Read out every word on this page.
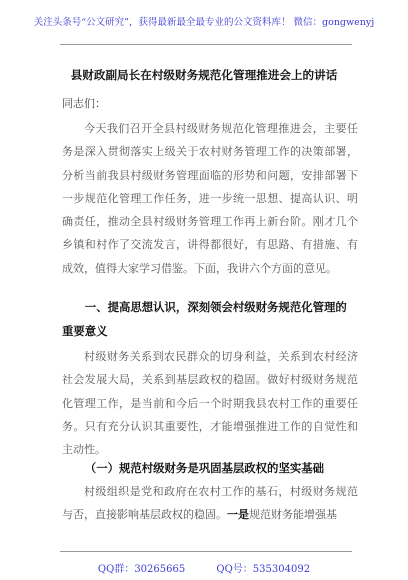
关注头条号“公文研究”，获得最新最全最专业的公文资料库！ 微信：gongwenyj
县财政副局长在村级财务规范化管理推进会上的讲话
同志们：

今天我们召开全县村级财务规范化管理推进会，主要任务是深入贯彻落实上级关于农村财务管理工作的决策部署，分析当前我县村级财务管理面临的形势和问题，安排部署下一步规范化管理工作任务，进一步统一思想、提高认识、明确责任，推动全县村级财务管理工作再上新台阶。刚才几个乡镇和村作了交流发言，讲得都很好，有思路、有措施、有成效，值得大家学习借鉴。下面，我讲六个方面的意见。

一、提高思想认识，深刻领会村级财务规范化管理的重要意义

村级财务关系到农民群众的切身利益，关系到农村经济社会发展大局，关系到基层政权的稳固。做好村级财务规范化管理工作，是当前和今后一个时期我县农村工作的重要任务。只有充分认识其重要性，才能增强推进工作的自觉性和主动性。

（一）规范村级财务是巩固基层政权的坚实基础

村级组织是党和政府在农村工作的基石，村级财务规范与否，直接影响基层政权的稳固。一是规范财务能增强基

QQ群：30265665	QQ号：535304092
